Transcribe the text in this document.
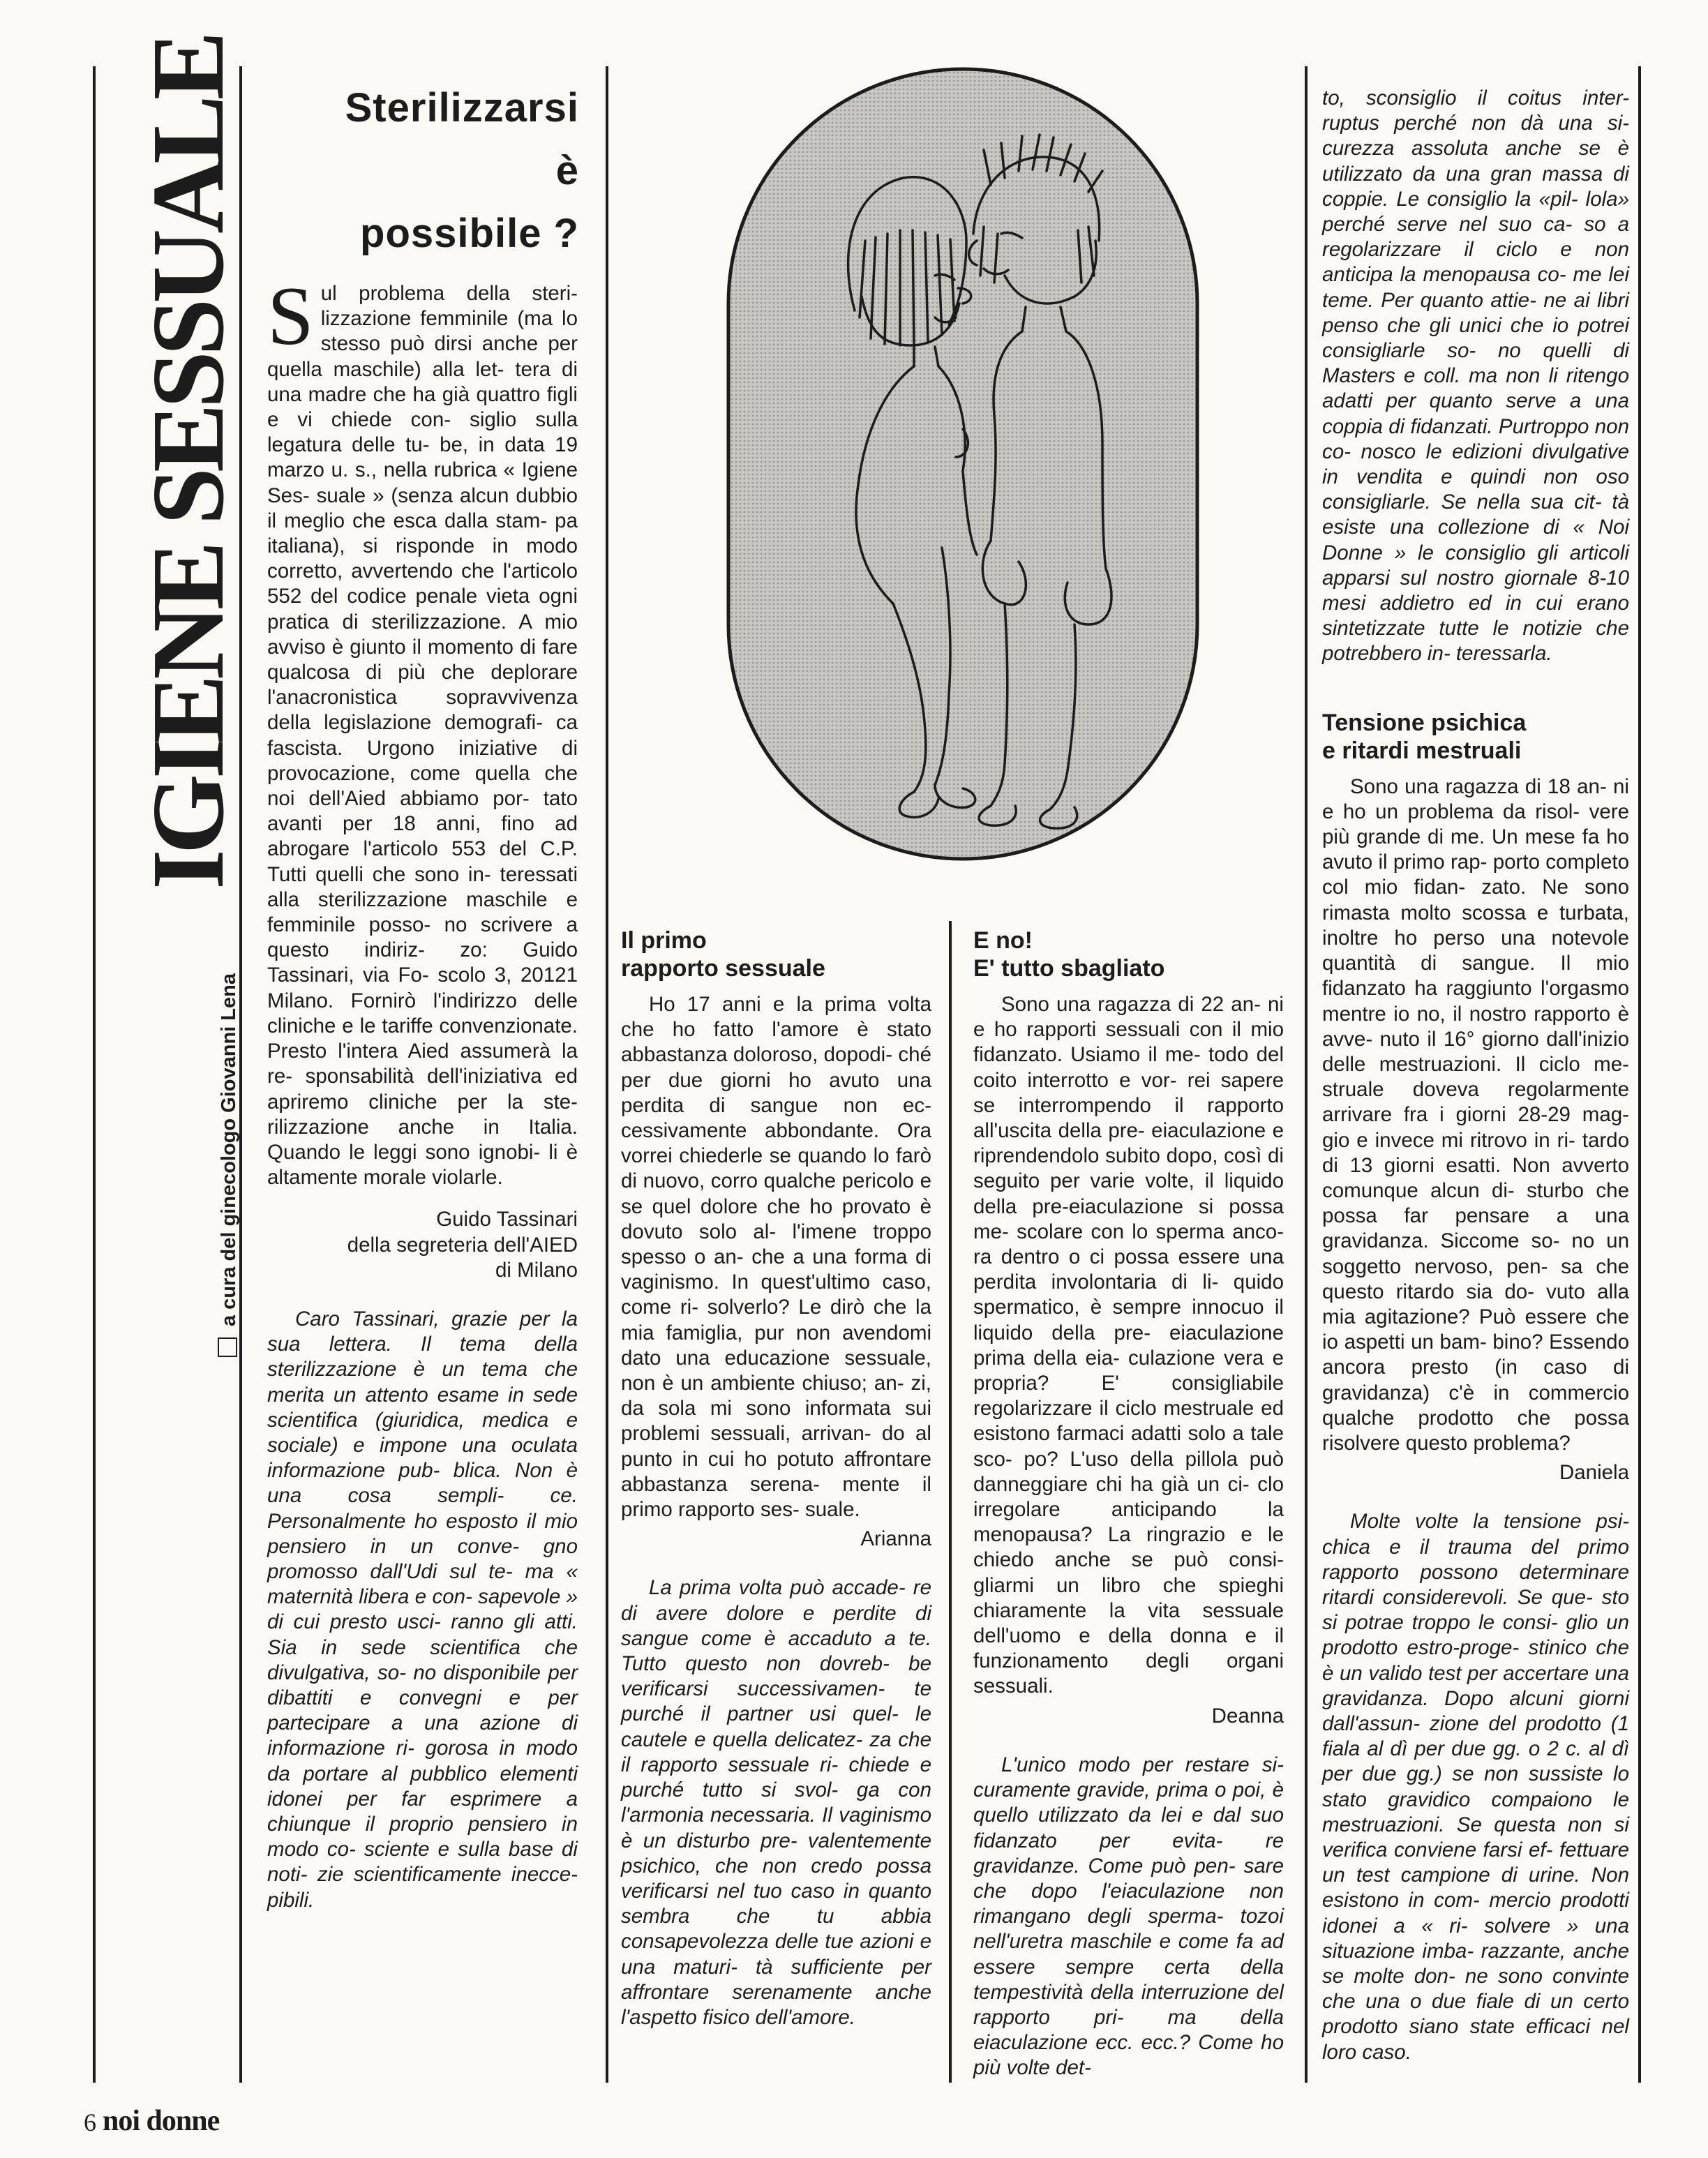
IGIENE SESSUALE
a cura del ginecologo Giovanni Lena
Sterilizzarsi
è
possibile ?

Sul problema della steri- lizzazione femminile (ma lo stesso può dirsi anche per quella maschile) alla let- tera di una madre che ha già quattro figli e vi chiede con- siglio sulla legatura delle tu- be, in data 19 marzo u. s., nella rubrica « Igiene Ses- suale » (senza alcun dubbio il meglio che esca dalla stam- pa italiana), si risponde in modo corretto, avvertendo che l'articolo 552 del codice penale vieta ogni pratica di sterilizzazione. A mio avviso è giunto il momento di fare qualcosa di più che deplorare l'anacronistica sopravvivenza della legislazione demografi- ca fascista. Urgono iniziative di provocazione, come quella che noi dell'Aied abbiamo por- tato avanti per 18 anni, fino ad abrogare l'articolo 553 del C.P. Tutti quelli che sono in- teressati alla sterilizzazione maschile e femminile posso- no scrivere a questo indiriz- zo: Guido Tassinari, via Fo- scolo 3, 20121 Milano. Fornirò l'indirizzo delle cliniche e le tariffe convenzionate. Presto l'intera Aied assumerà la re- sponsabilità dell'iniziativa ed apriremo cliniche per la ste- rilizzazione anche in Italia. Quando le leggi sono ignobi- li è altamente morale violarle.

Guido Tassinari

della segreteria dell'AIED

di Milano

Caro Tassinari, grazie per la sua lettera. Il tema della sterilizzazione è un tema che merita un attento esame in sede scientifica (giuridica, medica e sociale) e impone una oculata informazione pub- blica. Non è una cosa sempli- ce. Personalmente ho esposto il mio pensiero in un conve- gno promosso dall'Udi sul te- ma « maternità libera e con- sapevole » di cui presto usci- ranno gli atti. Sia in sede scientifica che divulgativa, so- no disponibile per dibattiti e convegni e per partecipare a una azione di informazione ri- gorosa in modo da portare al pubblico elementi idonei per far esprimere a chiunque il proprio pensiero in modo co- sciente e sulla base di noti- zie scientificamente inecce- pibili.

Il primo
rapporto sessuale

Ho 17 anni e la prima volta che ho fatto l'amore è stato abbastanza doloroso, dopodi- ché per due giorni ho avuto una perdita di sangue non ec- cessivamente abbondante. Ora vorrei chiederle se quando lo farò di nuovo, corro qualche pericolo e se quel dolore che ho provato è dovuto solo al- l'imene troppo spesso o an- che a una forma di vaginismo. In quest'ultimo caso, come ri- solverlo? Le dirò che la mia famiglia, pur non avendomi dato una educazione sessuale, non è un ambiente chiuso; an- zi, da sola mi sono informata sui problemi sessuali, arrivan- do al punto in cui ho potuto affrontare abbastanza serena- mente il primo rapporto ses- suale.

Arianna

La prima volta può accade- re di avere dolore e perdite di sangue come è accaduto a te. Tutto questo non dovreb- be verificarsi successivamen- te purché il partner usi quel- le cautele e quella delicatez- za che il rapporto sessuale ri- chiede e purché tutto si svol- ga con l'armonia necessaria. Il vaginismo è un disturbo pre- valentemente psichico, che non credo possa verificarsi nel tuo caso in quanto sembra che tu abbia consapevolezza delle tue azioni e una maturi- tà sufficiente per affrontare serenamente anche l'aspetto fisico dell'amore.

E no!
E' tutto sbagliato

Sono una ragazza di 22 an- ni e ho rapporti sessuali con il mio fidanzato. Usiamo il me- todo del coito interrotto e vor- rei sapere se interrompendo il rapporto all'uscita della pre- eiaculazione e riprendendolo subito dopo, così di seguito per varie volte, il liquido della pre-eiaculazione si possa me- scolare con lo sperma anco- ra dentro o ci possa essere una perdita involontaria di li- quido spermatico, è sempre innocuo il liquido della pre- eiaculazione prima della eia- culazione vera e propria? E' consigliabile regolarizzare il ciclo mestruale ed esistono farmaci adatti solo a tale sco- po? L'uso della pillola può danneggiare chi ha già un ci- clo irregolare anticipando la menopausa? La ringrazio e le chiedo anche se può consi- gliarmi un libro che spieghi chiaramente la vita sessuale dell'uomo e della donna e il funzionamento degli organi sessuali.

Deanna

L'unico modo per restare si- curamente gravide, prima o poi, è quello utilizzato da lei e dal suo fidanzato per evita- re gravidanze. Come può pen- sare che dopo l'eiaculazione non rimangano degli sperma- tozoi nell'uretra maschile e come fa ad essere sempre certa della tempestività della interruzione del rapporto pri- ma della eiaculazione ecc. ecc.? Come ho più volte det-

to, sconsiglio il coitus inter- ruptus perché non dà una si- curezza assoluta anche se è utilizzato da una gran massa di coppie. Le consiglio la «pil- lola» perché serve nel suo ca- so a regolarizzare il ciclo e non anticipa la menopausa co- me lei teme. Per quanto attie- ne ai libri penso che gli unici che io potrei consigliarle so- no quelli di Masters e coll. ma non li ritengo adatti per quanto serve a una coppia di fidanzati. Purtroppo non co- nosco le edizioni divulgative in vendita e quindi non oso consigliarle. Se nella sua cit- tà esiste una collezione di « Noi Donne » le consiglio gli articoli apparsi sul nostro giornale 8-10 mesi addietro ed in cui erano sintetizzate tutte le notizie che potrebbero in- teressarla.

Tensione psichica
e ritardi mestruali

Sono una ragazza di 18 an- ni e ho un problema da risol- vere più grande di me. Un mese fa ho avuto il primo rap- porto completo col mio fidan- zato. Ne sono rimasta molto scossa e turbata, inoltre ho perso una notevole quantità di sangue. Il mio fidanzato ha raggiunto l'orgasmo mentre io no, il nostro rapporto è avve- nuto il 16° giorno dall'inizio delle mestruazioni. Il ciclo me- struale doveva regolarmente arrivare fra i giorni 28-29 mag- gio e invece mi ritrovo in ri- tardo di 13 giorni esatti. Non avverto comunque alcun di- sturbo che possa far pensare a una gravidanza. Siccome so- no un soggetto nervoso, pen- sa che questo ritardo sia do- vuto alla mia agitazione? Può essere che io aspetti un bam- bino? Essendo ancora presto (in caso di gravidanza) c'è in commercio qualche prodotto che possa risolvere questo problema?

Daniela

Molte volte la tensione psi- chica e il trauma del primo rapporto possono determinare ritardi considerevoli. Se que- sto si potrae troppo le consi- glio un prodotto estro-proge- stinico che è un valido test per accertare una gravidanza. Dopo alcuni giorni dall'assun- zione del prodotto (1 fiala al dì per due gg. o 2 c. al dì per due gg.) se non sussiste lo stato gravidico compaiono le mestruazioni. Se questa non si verifica conviene farsi ef- fettuare un test campione di urine. Non esistono in com- mercio prodotti idonei a « ri- solvere » una situazione imba- razzante, anche se molte don- ne sono convinte che una o due fiale di un certo prodotto siano state efficaci nel loro caso.

6 noi donne
